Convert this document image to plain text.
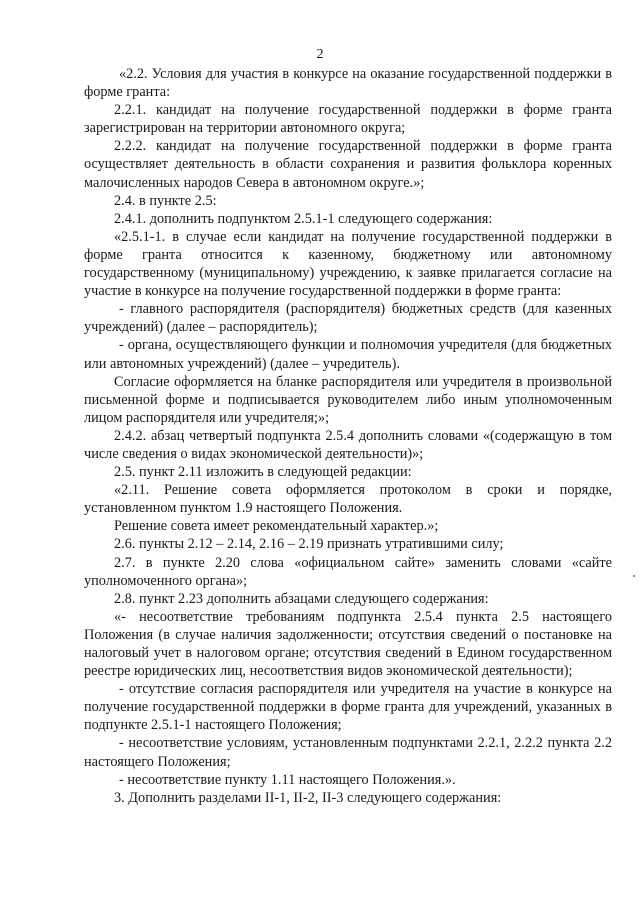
2

«2.2. Условия для участия в конкурсе на оказание государственной поддержки в форме гранта:

2.2.1. кандидат на получение государственной поддержки в форме гранта зарегистрирован на территории автономного округа;

2.2.2. кандидат на получение государственной поддержки в форме гранта осуществляет деятельность в области сохранения и развития фольклора коренных малочисленных народов Севера в автономном округе.»;

2.4. в пункте 2.5:

2.4.1. дополнить подпунктом 2.5.1-1 следующего содержания:

«2.5.1-1. в случае если кандидат на получение государственной поддержки в форме гранта относится к казенному, бюджетному или автономному государственному (муниципальному) учреждению, к заявке прилагается согласие на участие в конкурсе на получение государственной поддержки в форме гранта:

- главного распорядителя (распорядителя) бюджетных средств (для казенных учреждений) (далее – распорядитель);

- органа, осуществляющего функции и полномочия учредителя (для бюджетных или автономных учреждений) (далее – учредитель).

Согласие оформляется на бланке распорядителя или учредителя в произвольной письменной форме и подписывается руководителем либо иным уполномоченным лицом распорядителя или учредителя;»;

2.4.2. абзац четвертый подпункта 2.5.4 дополнить словами «(содержащую в том числе сведения о видах экономической деятельности)»;

2.5. пункт 2.11 изложить в следующей редакции:

«2.11. Решение совета оформляется протоколом в сроки и порядке, установленном пунктом 1.9 настоящего Положения.

Решение совета имеет рекомендательный характер.»;

2.6. пункты 2.12 – 2.14, 2.16 – 2.19 признать утратившими силу;

2.7. в пункте 2.20 слова «официальном сайте» заменить словами «сайте уполномоченного органа»;

2.8. пункт 2.23 дополнить абзацами следующего содержания:

«- несоответствие требованиям подпункта 2.5.4 пункта 2.5 настоящего Положения (в случае наличия задолженности; отсутствия сведений о постановке на налоговый учет в налоговом органе; отсутствия сведений в Едином государственном реестре юридических лиц, несоответствия видов экономической деятельности);

- отсутствие согласия распорядителя или учредителя на участие в конкурсе на получение государственной поддержки в форме гранта для учреждений, указанных в подпункте 2.5.1-1 настоящего Положения;

- несоответствие условиям, установленным подпунктами 2.2.1, 2.2.2 пункта 2.2 настоящего Положения;

- несоответствие пункту 1.11 настоящего Положения.».

3. Дополнить разделами II-1, II-2, II-3 следующего содержания:
